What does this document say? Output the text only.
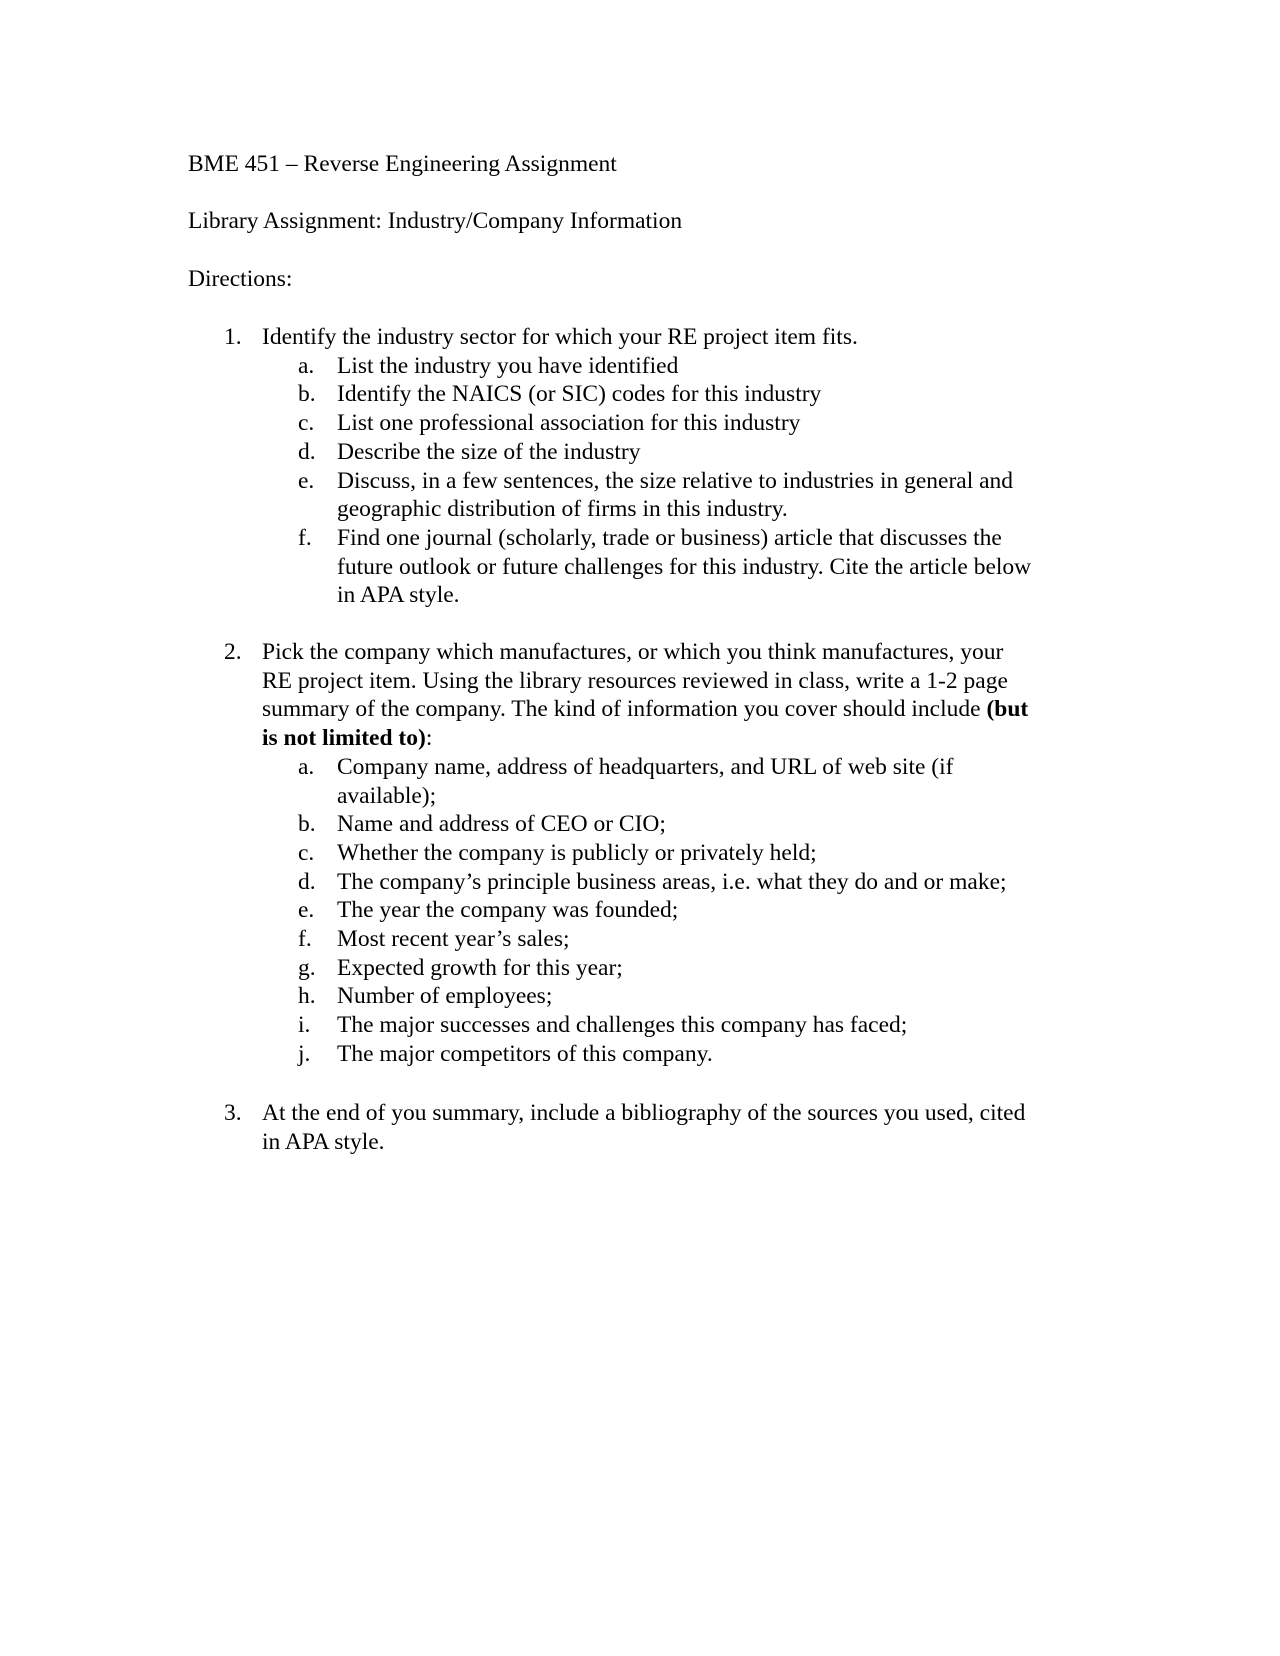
BME 451 – Reverse Engineering Assignment

Library Assignment: Industry/Company Information

Directions:

1. Identify the industry sector for which your RE project item fits.
a. List the industry you have identified
b. Identify the NAICS (or SIC) codes for this industry
c. List one professional association for this industry
d. Describe the size of the industry
e. Discuss, in a few sentences, the size relative to industries in general and
geographic distribution of firms in this industry.
f. Find one journal (scholarly, trade or business) article that discusses the
future outlook or future challenges for this industry. Cite the article below
in APA style.
2. Pick the company which manufactures, or which you think manufactures, your
RE project item. Using the library resources reviewed in class, write a 1-2 page
summary of the company. The kind of information you cover should include (but
is not limited to):
a. Company name, address of headquarters, and URL of web site (if
available);
b. Name and address of CEO or CIO;
c. Whether the company is publicly or privately held;
d. The company’s principle business areas, i.e. what they do and or make;
e. The year the company was founded;
f. Most recent year’s sales;
g. Expected growth for this year;
h. Number of employees;
i. The major successes and challenges this company has faced;
j. The major competitors of this company.
3. At the end of you summary, include a bibliography of the sources you used, cited
in APA style.
